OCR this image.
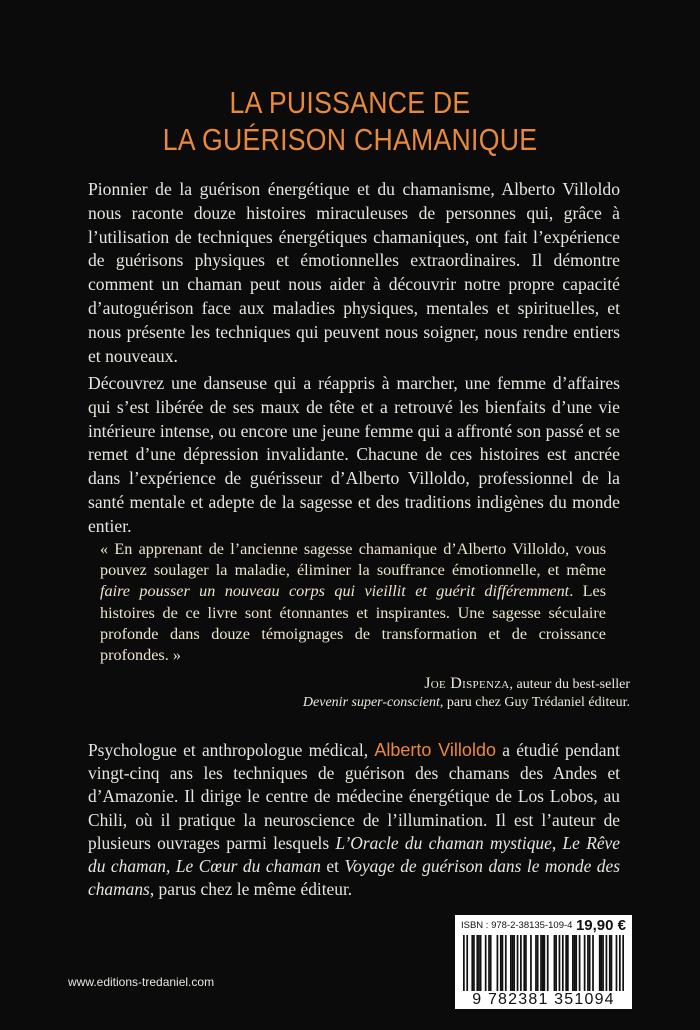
LA PUISSANCE DE
LA GUÉRISON CHAMANIQUE

Pionnier de la guérison énergétique et du chamanisme, Alberto Villoldo nous raconte douze histoires miraculeuses de personnes qui, grâce à l’utilisation de techniques énergétiques chamaniques, ont fait l’expérience de guérisons physiques et émotionnelles extraordinaires. Il démontre comment un chaman peut nous aider à découvrir notre propre capacité d’autoguérison face aux maladies physiques, mentales et spirituelles, et nous présente les techniques qui peuvent nous soigner, nous rendre entiers et nouveaux.

Découvrez une danseuse qui a réappris à marcher, une femme d’affaires qui s’est libérée de ses maux de tête et a retrouvé les bienfaits d’une vie intérieure intense, ou encore une jeune femme qui a affronté son passé et se remet d’une dépression invalidante. Chacune de ces histoires est ancrée dans l’expérience de guérisseur d’Alberto Villoldo, professionnel de la santé mentale et adepte de la sagesse et des traditions indigènes du monde entier.

« En apprenant de l’ancienne sagesse chamanique d’Alberto Villoldo, vous pouvez soulager la maladie, éliminer la souffrance émotionnelle, et même faire pousser un nouveau corps qui vieillit et guérit différemment. Les histoires de ce livre sont étonnantes et inspirantes. Une sagesse séculaire profonde dans douze témoignages de transformation et de croissance profondes. »

Joe Dispenza, auteur du best-seller
Devenir super-conscient, paru chez Guy Trédaniel éditeur.

Psychologue et anthropologue médical, Alberto Villoldo a étudié pendant vingt-cinq ans les techniques de guérison des chamans des Andes et d’Amazonie. Il dirige le centre de médecine énergétique de Los Lobos, au Chili, où il pratique la neuroscience de l’illumination. Il est l’auteur de plusieurs ouvrages parmi lesquels L’Oracle du chaman mystique, Le Rêve du chaman, Le Cœur du chaman et Voyage de guérison dans le monde des chamans, parus chez le même éditeur.

www.editions-tredaniel.com
ISBN : 978-2-38135-109-4 19,90 €
9 782381 351094
